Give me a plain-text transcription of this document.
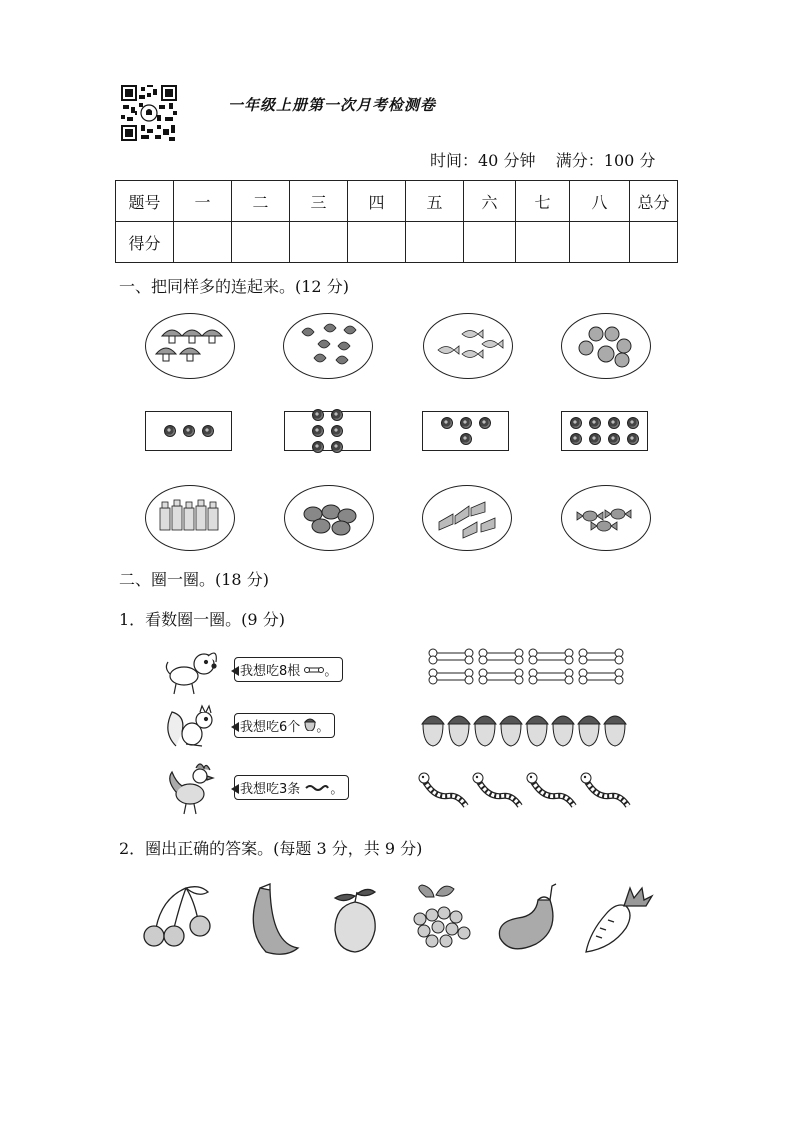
一年级上册第一次月考检测卷
时间：40 分钟 满分：100 分
题号	一	二	三	四	五	六	七	八	总分
得分									
一、把同样多的连起来。(12 分)
二、圈一圈。(18 分)
1．看数圈一圈。(9 分)
我想吃8根 。
我想吃6个 。
我想吃3条 。
2．圈出正确的答案。(每题 3 分，共 9 分)
